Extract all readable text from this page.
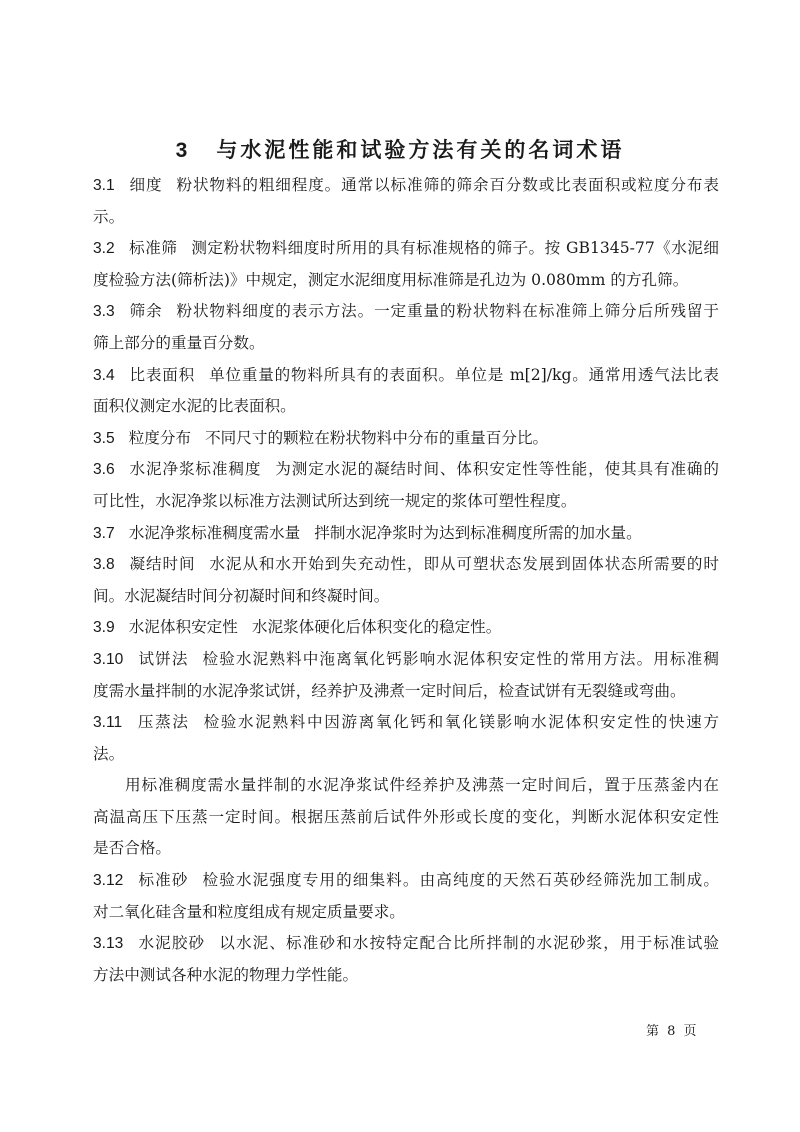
3 与水泥性能和试验方法有关的名词术语
3.1 细度 粉状物料的粗细程度。通常以标准筛的筛余百分数或比表面积或粒度分布表
示。
3.2 标准筛 测定粉状物料细度时所用的具有标准规格的筛子。按 GB1345-77《水泥细
度检验方法(筛析法)》中规定，测定水泥细度用标准筛是孔边为 0.080mm 的方孔筛。
3.3 筛余 粉状物料细度的表示方法。一定重量的粉状物料在标准筛上筛分后所残留于
筛上部分的重量百分数。
3.4 比表面积 单位重量的物料所具有的表面积。单位是 m[2]/kg。通常用透气法比表
面积仪测定水泥的比表面积。
3.5 粒度分布 不同尺寸的颗粒在粉状物料中分布的重量百分比。
3.6 水泥净浆标准稠度 为测定水泥的凝结时间、体积安定性等性能，使其具有准确的
可比性，水泥净浆以标准方法测试所达到统一规定的浆体可塑性程度。
3.7 水泥净浆标准稠度需水量 拌制水泥净浆时为达到标准稠度所需的加水量。
3.8 凝结时间 水泥从和水开始到失充动性，即从可塑状态发展到固体状态所需要的时
间。水泥凝结时间分初凝时间和终凝时间。
3.9 水泥体积安定性 水泥浆体硬化后体积变化的稳定性。
3.10 试饼法 检验水泥熟料中沲离氧化钙影响水泥体积安定性的常用方法。用标准稠
度需水量拌制的水泥净浆试饼，经养护及沸煮一定时间后，检查试饼有无裂缝或弯曲。
3.11 压蒸法 检验水泥熟料中因游离氧化钙和氧化镁影响水泥体积安定性的快速方
法。
用标准稠度需水量拌制的水泥净浆试件经养护及沸蒸一定时间后，置于压蒸釜内在
高温高压下压蒸一定时间。根据压蒸前后试件外形或长度的变化，判断水泥体积安定性
是否合格。
3.12 标准砂 检验水泥强度专用的细集料。由高纯度的天然石英砂经筛洗加工制成。
对二氧化硅含量和粒度组成有规定质量要求。
3.13 水泥胶砂 以水泥、标准砂和水按特定配合比所拌制的水泥砂浆，用于标准试验
方法中测试各种水泥的物理力学性能。
第 8 页
